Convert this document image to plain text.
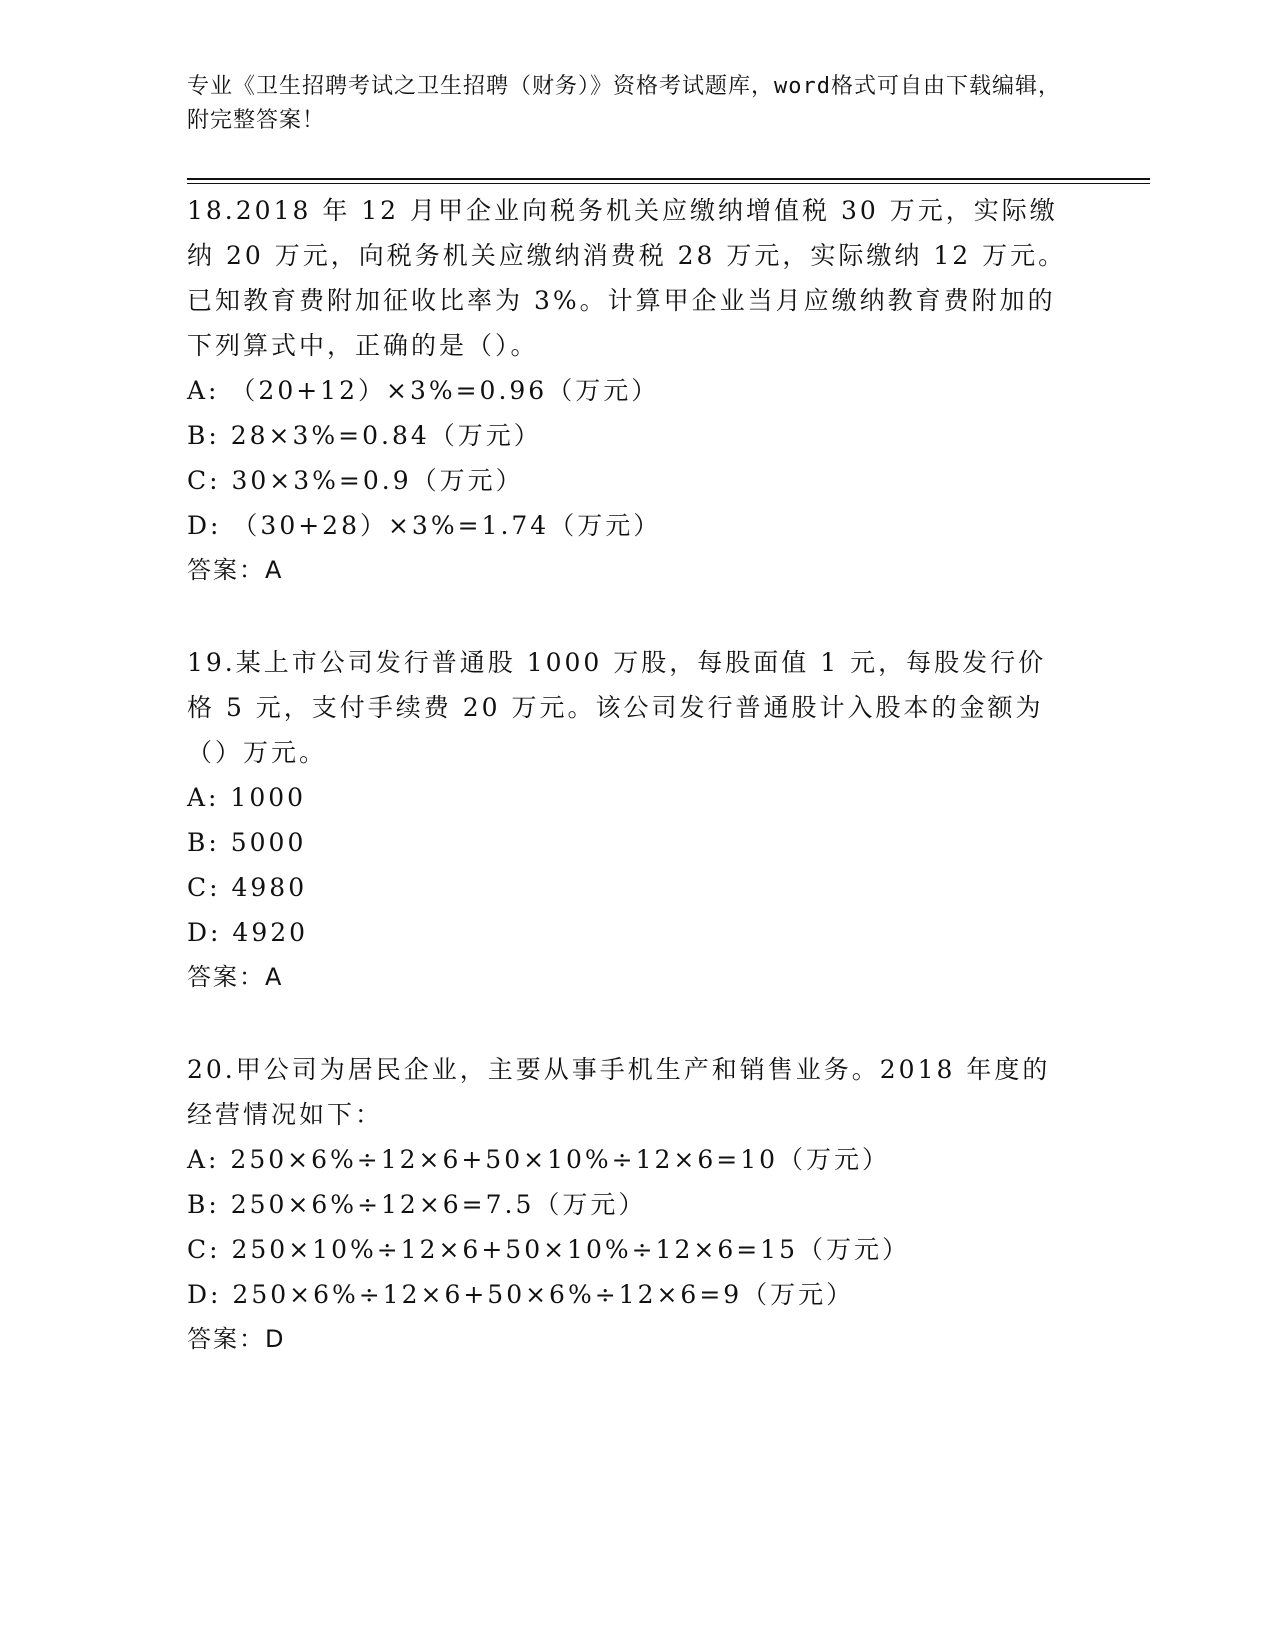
专业《卫生招聘考试之卫生招聘（财务）》资格考试题库，word格式可自由下载编辑，附完整答案！

18.2018 年 12 月甲企业向税务机关应缴纳增值税 30 万元，实际缴纳 20 万元，向税务机关应缴纳消费税 28 万元，实际缴纳 12 万元。已知教育费附加征收比率为 3%。计算甲企业当月应缴纳教育费附加的下列算式中，正确的是（）。

A: （20+12）×3%=0.96（万元）
B: 28×3%=0.84（万元）
C: 30×3%=0.9（万元）
D: （30+28）×3%=1.74（万元）

答案：A

19.某上市公司发行普通股 1000 万股，每股面值 1 元，每股发行价格 5 元，支付手续费 20 万元。该公司发行普通股计入股本的金额为（）万元。

A: 1000
B: 5000
C: 4980
D: 4920

答案：A

20.甲公司为居民企业，主要从事手机生产和销售业务。2018 年度的经营情况如下：

A: 250×6%÷12×6+50×10%÷12×6=10（万元）
B: 250×6%÷12×6=7.5（万元）
C: 250×10%÷12×6+50×10%÷12×6=15（万元）
D: 250×6%÷12×6+50×6%÷12×6=9（万元）

答案：D
